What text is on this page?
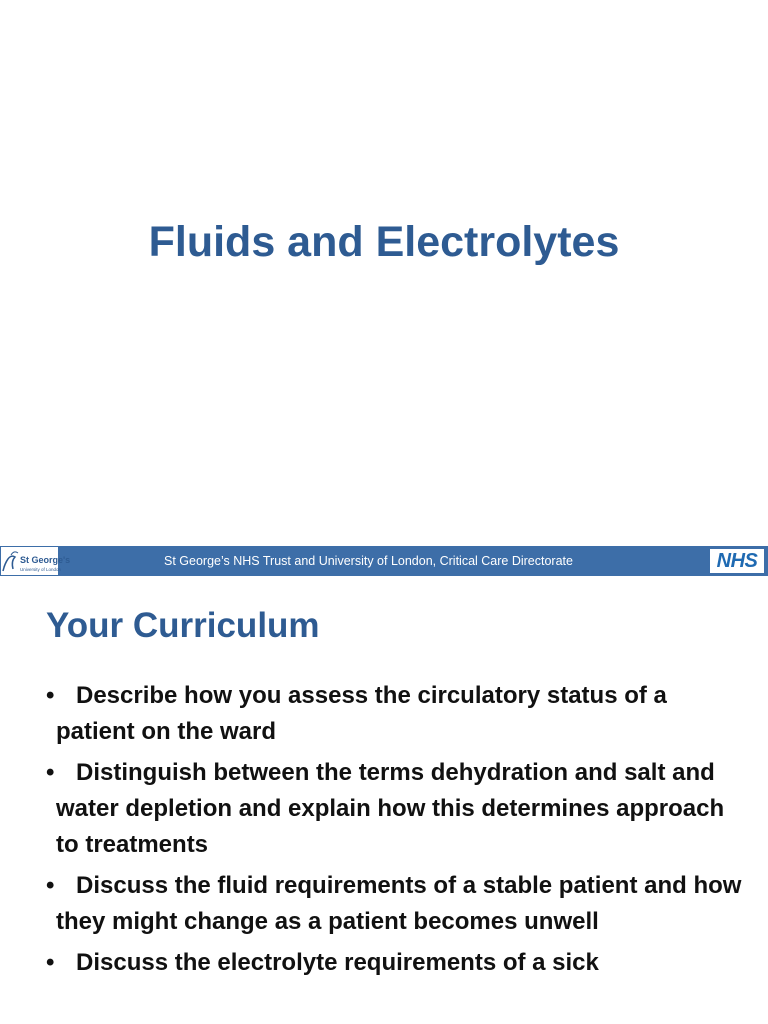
Fluids and Electrolytes
St George's
University of London
St George’s NHS Trust and University of London, Critical Care Directorate	NHS
Your Curriculum
• Describe how you assess the circulatory status of a patient on the ward
• Distinguish between the terms dehydration and salt and water depletion and explain how this determines approach to treatments
• Discuss the fluid requirements of a stable patient and how they might change as a patient becomes unwell
• Discuss the electrolyte requirements of a sick
